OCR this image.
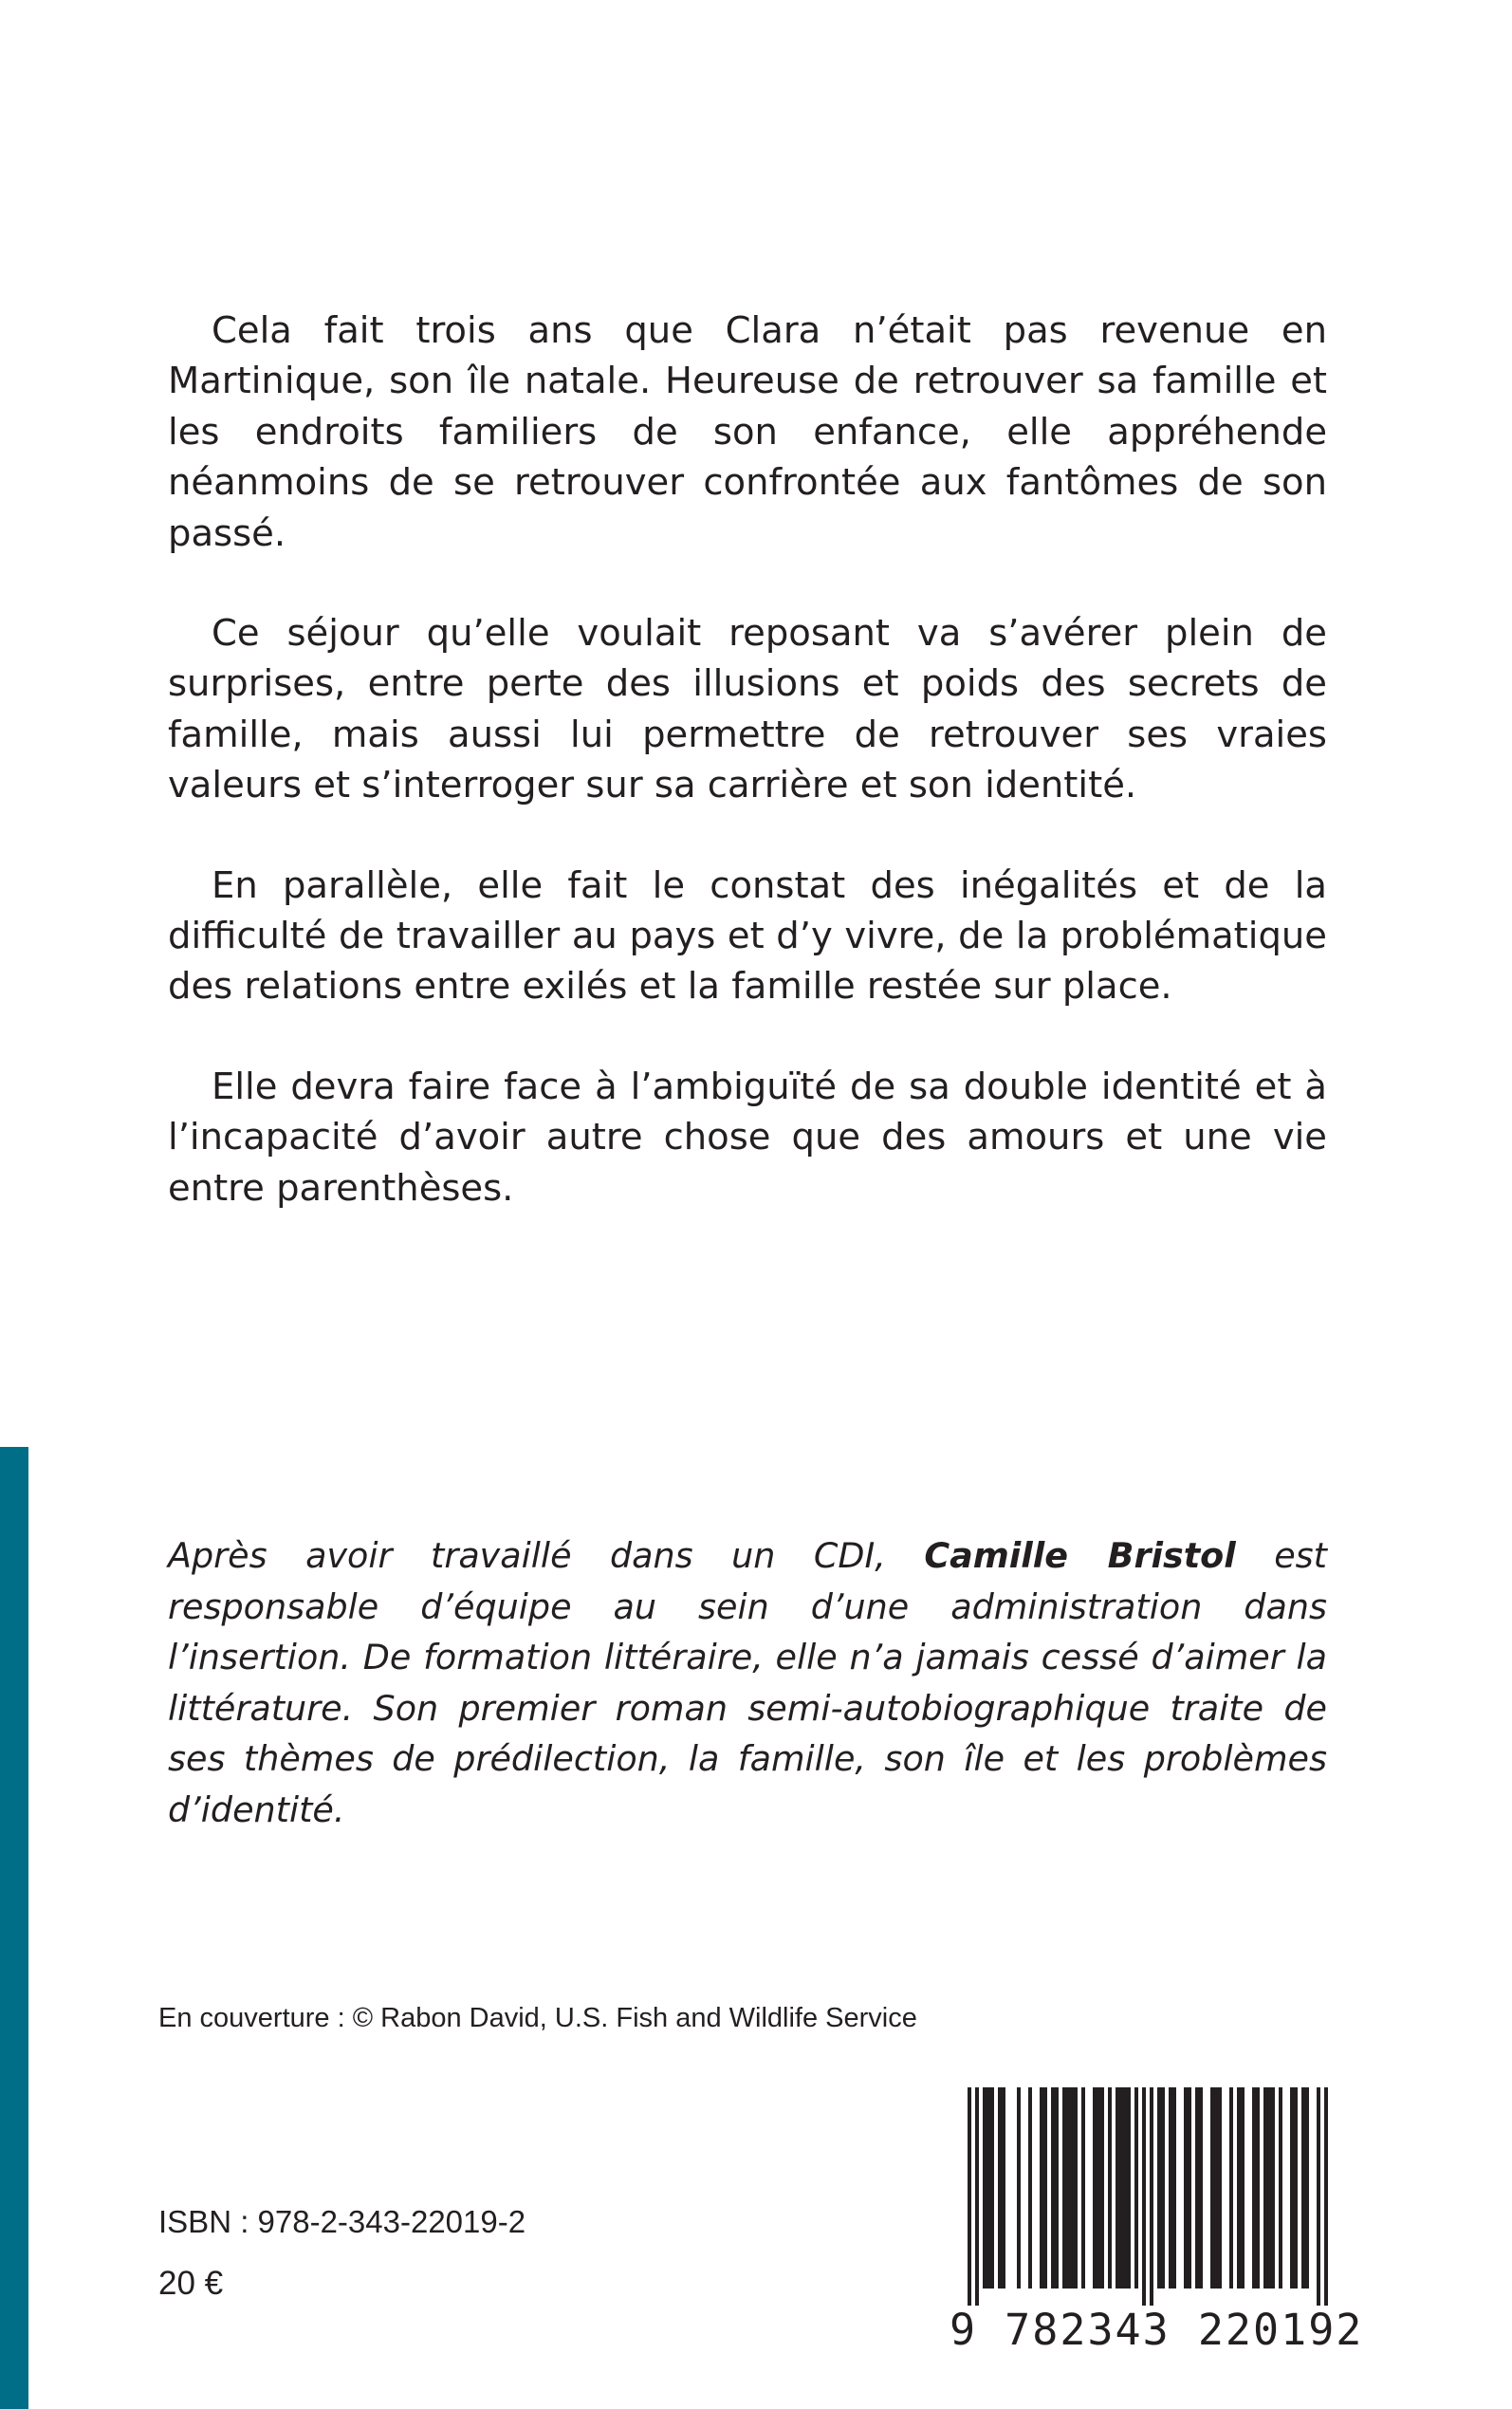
Cela fait trois ans que Clara n’était pas revenue en Martinique, son île natale. Heureuse de retrouver sa famille et les endroits familiers de son enfance, elle appréhende néanmoins de se retrouver confrontée aux fantômes de son passé.

Ce séjour qu’elle voulait reposant va s’avérer plein de surprises, entre perte des illusions et poids des secrets de famille, mais aussi lui permettre de retrouver ses vraies valeurs et s’interroger sur sa carrière et son identité.

En parallèle, elle fait le constat des inégalités et de la difficulté de travailler au pays et d’y vivre, de la problématique des relations entre exilés et la famille restée sur place.

Elle devra faire face à l’ambiguïté de sa double identité et à l’incapacité d’avoir autre chose que des amours et une vie entre parenthèses.

Après avoir travaillé dans un CDI, Camille Bristol est responsable d’équipe au sein d’une administration dans l’insertion. De formation littéraire, elle n’a jamais cessé d’aimer la littérature. Son premier roman semi-autobiographique traite de ses thèmes de prédilection, la famille, son île et les problèmes d’identité.

En couverture : © Rabon David, U.S. Fish and Wildlife Service

ISBN : 978-2-343-22019-2

20 €

9 782343 220192
